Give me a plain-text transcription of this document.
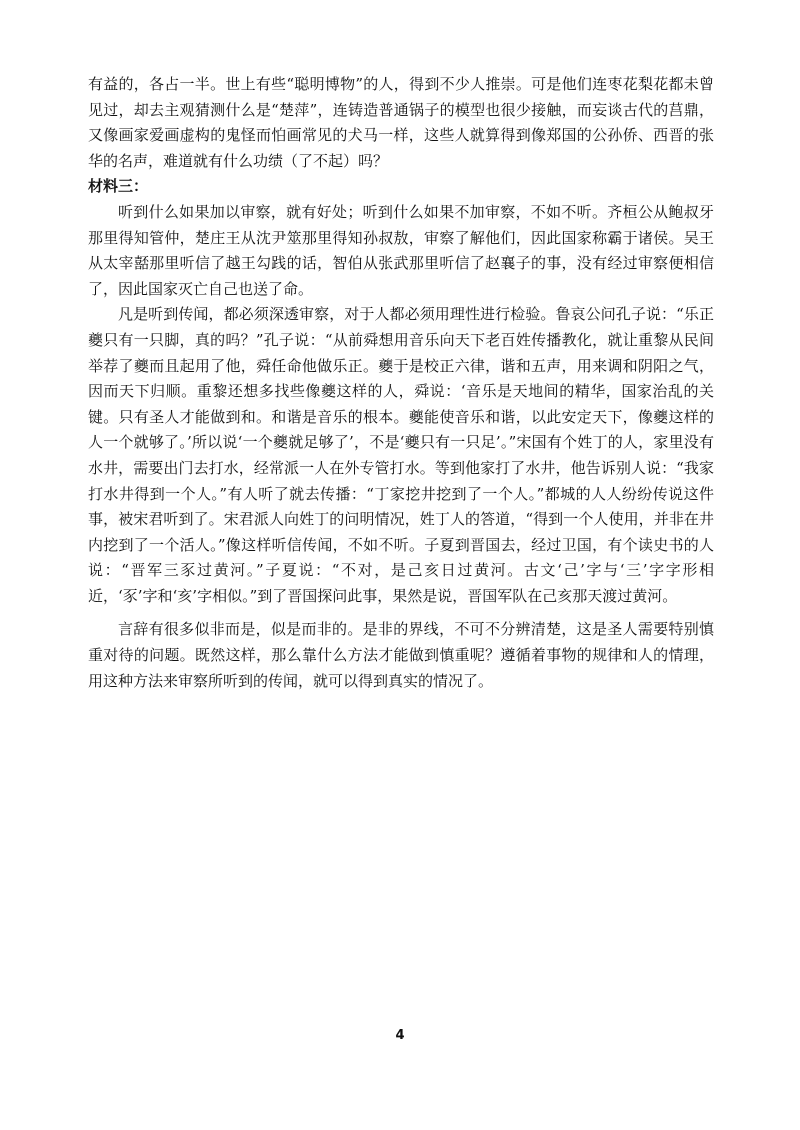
有益的，各占一半。世上有些“聪明博物”的人，得到不少人推崇。可是他们连枣花梨花都未曾见过，却去主观猜测什么是“楚萍”，连铸造普通锅子的模型也很少接触，而妄谈古代的莒鼎，又像画家爱画虚构的鬼怪而怕画常见的犬马一样，这些人就算得到像郑国的公孙侨、西晋的张华的名声，难道就有什么功绩（了不起）吗？

材料三：

听到什么如果加以审察，就有好处；听到什么如果不加审察，不如不听。齐桓公从鲍叔牙那里得知管仲，楚庄王从沈尹筮那里得知孙叔敖，审察了解他们，因此国家称霸于诸侯。吴王从太宰嚭那里听信了越王勾践的话，智伯从张武那里听信了赵襄子的事，没有经过审察便相信了，因此国家灭亡自己也送了命。

凡是听到传闻，都必须深透审察，对于人都必须用理性进行检验。鲁哀公问孔子说：“乐正夔只有一只脚，真的吗？”孔子说：“从前舜想用音乐向天下老百姓传播教化，就让重黎从民间举荐了夔而且起用了他，舜任命他做乐正。夔于是校正六律，谐和五声，用来调和阴阳之气，因而天下归顺。重黎还想多找些像夔这样的人，舜说：‘音乐是天地间的精华，国家治乱的关键。只有圣人才能做到和。和谐是音乐的根本。夔能使音乐和谐，以此安定天下，像夔这样的人一个就够了。’所以说‘一个夔就足够了’，不是‘夔只有一只足’。”宋国有个姓丁的人，家里没有水井，需要出门去打水，经常派一人在外专管打水。等到他家打了水井，他告诉别人说：“我家打水井得到一个人。”有人听了就去传播：“丁家挖井挖到了一个人。”都城的人人纷纷传说这件事，被宋君听到了。宋君派人向姓丁的问明情况，姓丁人的答道，“得到一个人使用，并非在井内挖到了一个活人。”像这样听信传闻，不如不听。子夏到晋国去，经过卫国，有个读史书的人说：“晋军三豕过黄河。”子夏说：“不对，是己亥日过黄河。古文‘己’字与‘三’字字形相近，‘豕’字和‘亥’字相似。”到了晋国探问此事，果然是说，晋国军队在己亥那天渡过黄河。

言辞有很多似非而是，似是而非的。是非的界线，不可不分辨清楚，这是圣人需要特别慎重对待的问题。既然这样，那么靠什么方法才能做到慎重呢？遵循着事物的规律和人的情理，用这种方法来审察所听到的传闻，就可以得到真实的情况了。

4
